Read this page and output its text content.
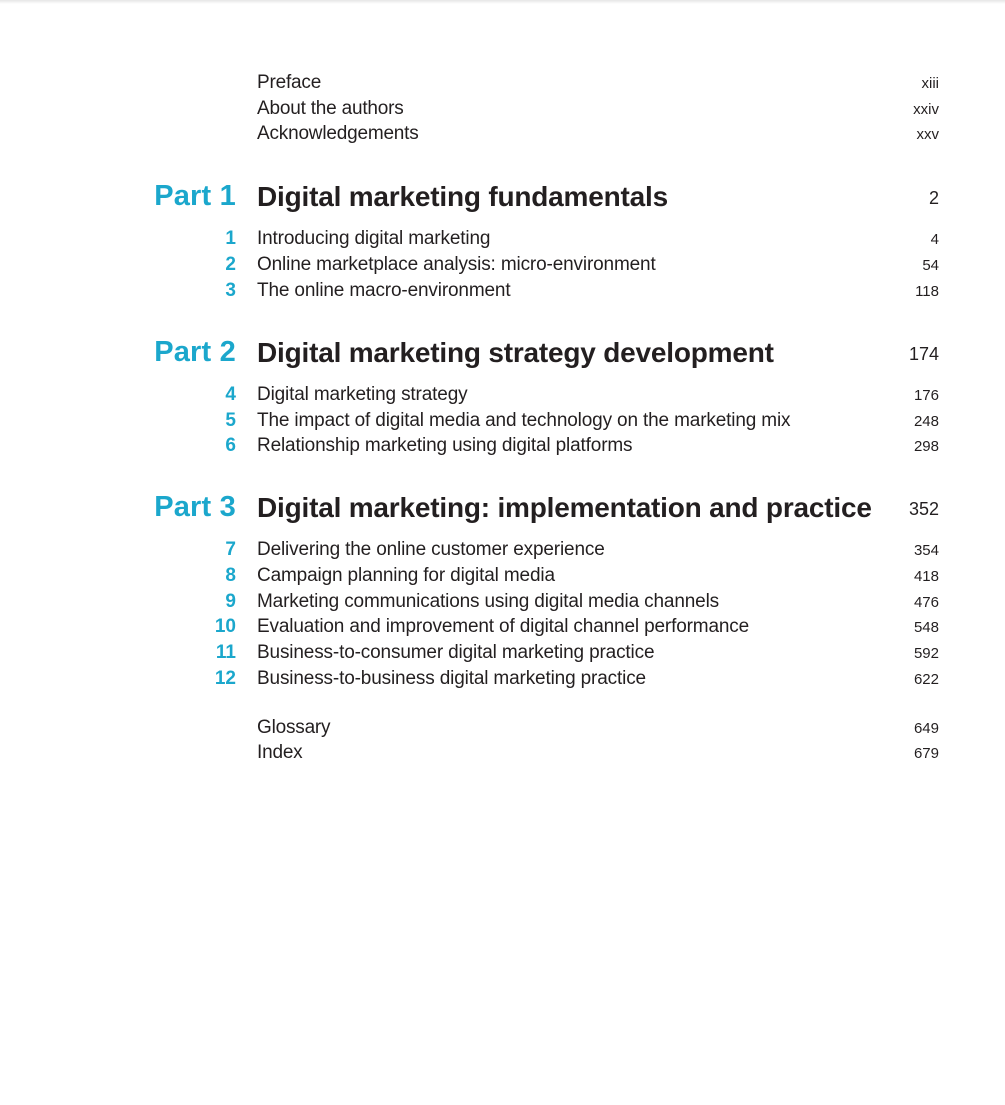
Preface	xiii
About the authors	xxiv
Acknowledgements	xxv
Part 1 Digital marketing fundamentals	2
1 Introducing digital marketing	4
2 Online marketplace analysis: micro-environment	54
3 The online macro-environment	118
Part 2 Digital marketing strategy development	174
4 Digital marketing strategy	176
5 The impact of digital media and technology on the marketing mix	248
6 Relationship marketing using digital platforms	298
Part 3 Digital marketing: implementation and practice 352
7 Delivering the online customer experience	354
8 Campaign planning for digital media	418
9 Marketing communications using digital media channels	476
10 Evaluation and improvement of digital channel performance	548
11 Business-to-consumer digital marketing practice	592
12 Business-to-business digital marketing practice	622
Glossary	649
Index	679
